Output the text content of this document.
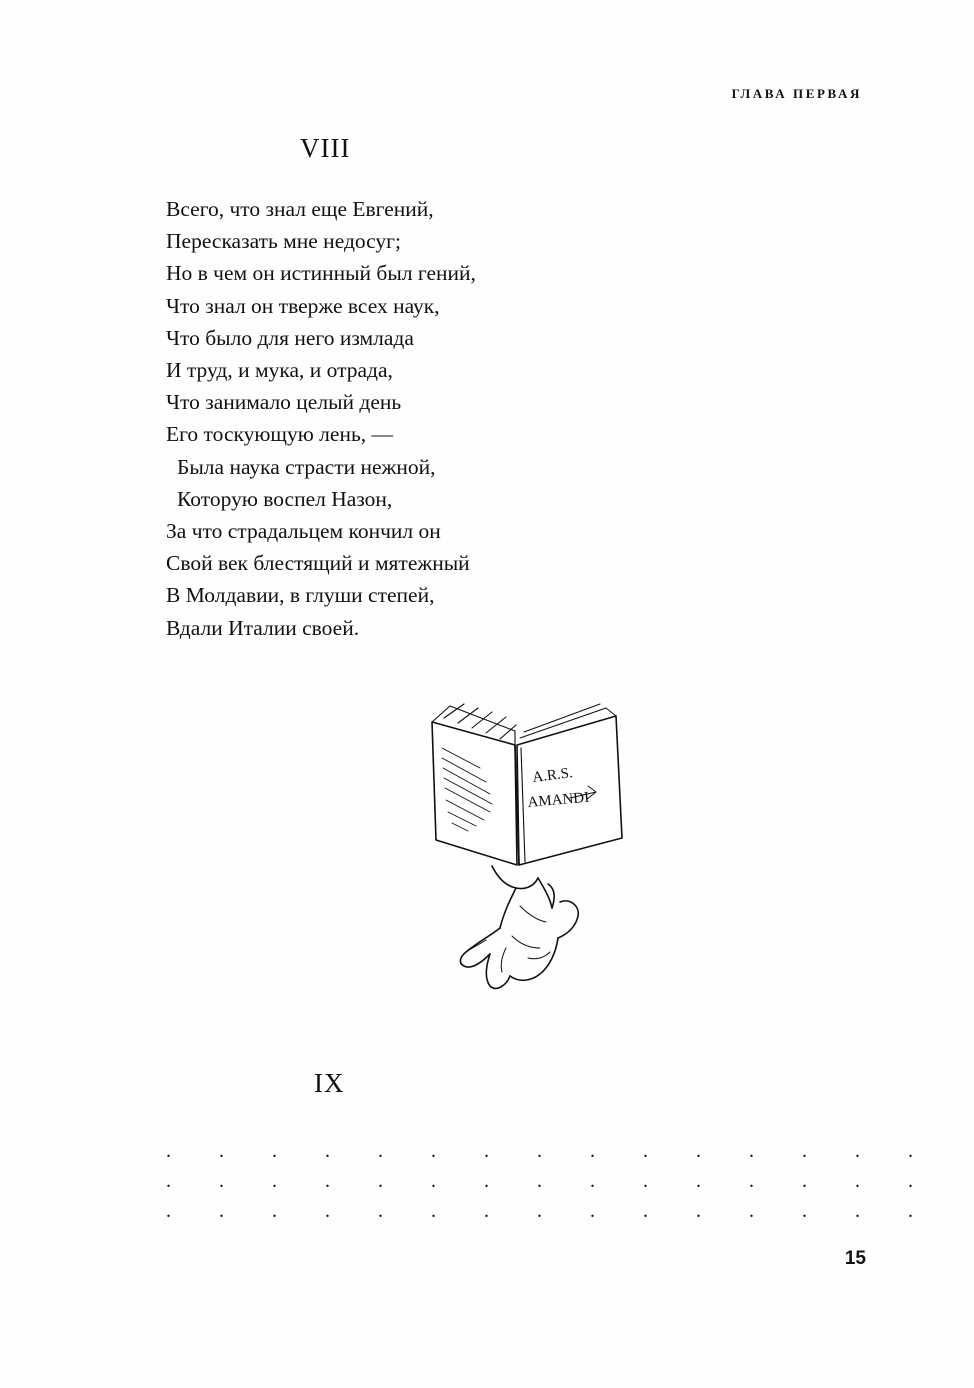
ГЛАВА ПЕРВАЯ
VIII
Всего, что знал еще Евгений,
Пересказать мне недосуг;
Но в чем он истинный был гений,
Что знал он тверже всех наук,
Что было для него измлада
И труд, и мука, и отрада,
Что занимало целый день
Его тоскующую лень, —
Была наука страсти нежной,
Которую воспел Назон,
За что страдальцем кончил он
Свой век блестящий и мятежный
В Молдавии, в глуши степей,
Вдали Италии своей.
A.R.S.
AMANDI
IX
. . . . . . . . . . . . . . .
. . . . . . . . . . . . . . .
. . . . . . . . . . . . . . .
15
